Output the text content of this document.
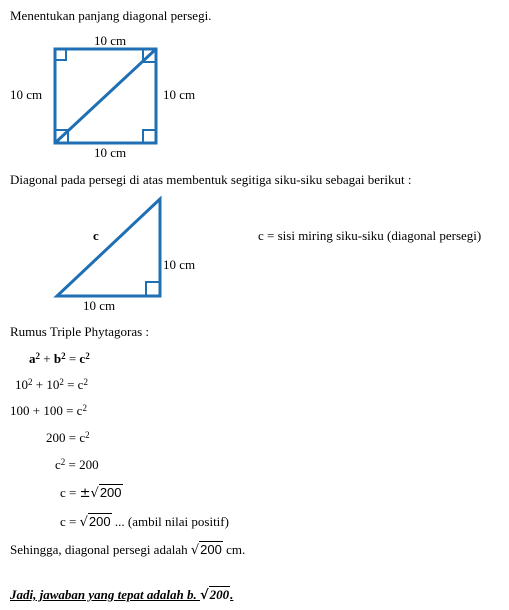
Menentukan panjang diagonal persegi.
10 cm
10 cm	10 cm
10 cm
Diagonal pada persegi di atas membentuk segitiga siku-siku sebagai berikut :
c
10 cm
10 cm
c = sisi miring siku-siku (diagonal persegi)
Rumus Triple Phytagoras :
$a^2 + b^2 = c^2$
$10^2 + 10^2 = c^2$
$100 + 100 = c^2$
$200 = c^2$
$c^2 = 200$
c = ±√200
c = √200 ... (ambil nilai positif)
Sehingga, diagonal persegi adalah √200 cm.
Jadi, jawaban yang tepat adalah b. √200.
